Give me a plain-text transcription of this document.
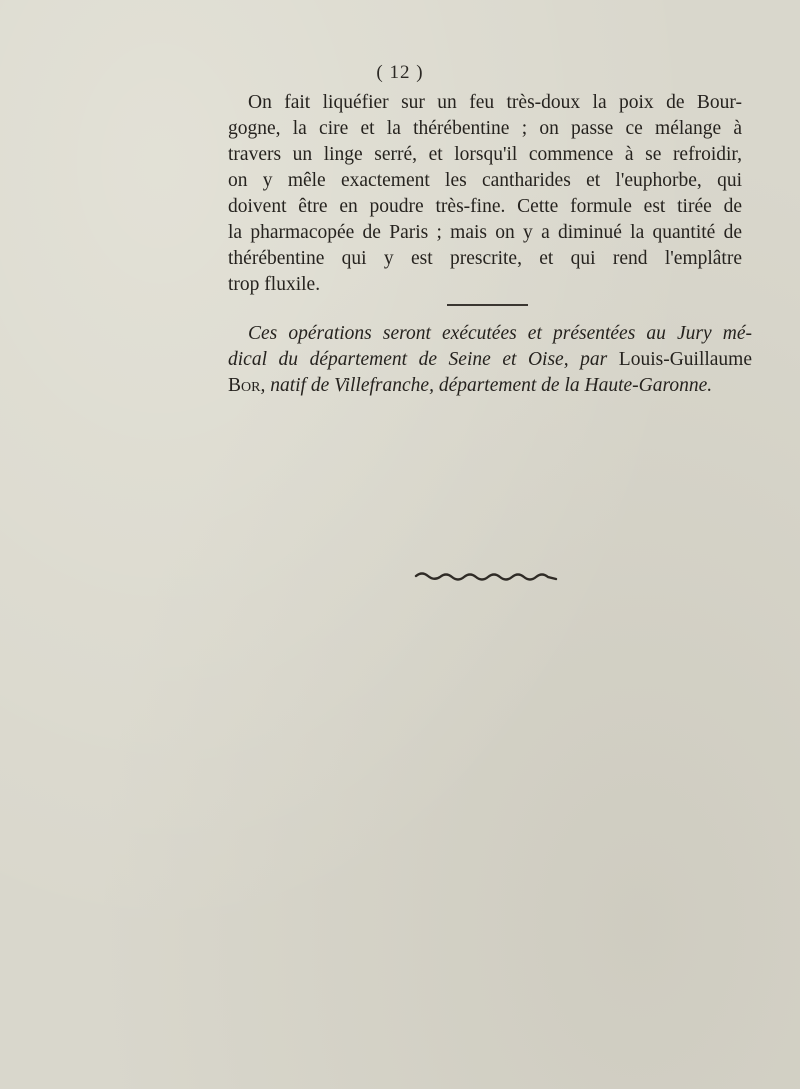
( 12 )
On fait liquéfier sur un feu très-doux la poix de Bour-
gogne, la cire et la thérébentine ; on passe ce mélange à
travers un linge serré, et lorsqu'il commence à se refroidir,
on y mêle exactement les cantharides et l'euphorbe, qui
doivent être en poudre très-fine. Cette formule est tirée de
la pharmacopée de Paris ; mais on y a diminué la quantité de
thérébentine qui y est prescrite, et qui rend l'emplâtre
trop fluxile.
Ces opérations seront exécutées et présentées au Jury mé-
dical du département de Seine et Oise, par Louis-Guillaume
Bor, natif de Villefranche, département de la Haute-Garonne.
